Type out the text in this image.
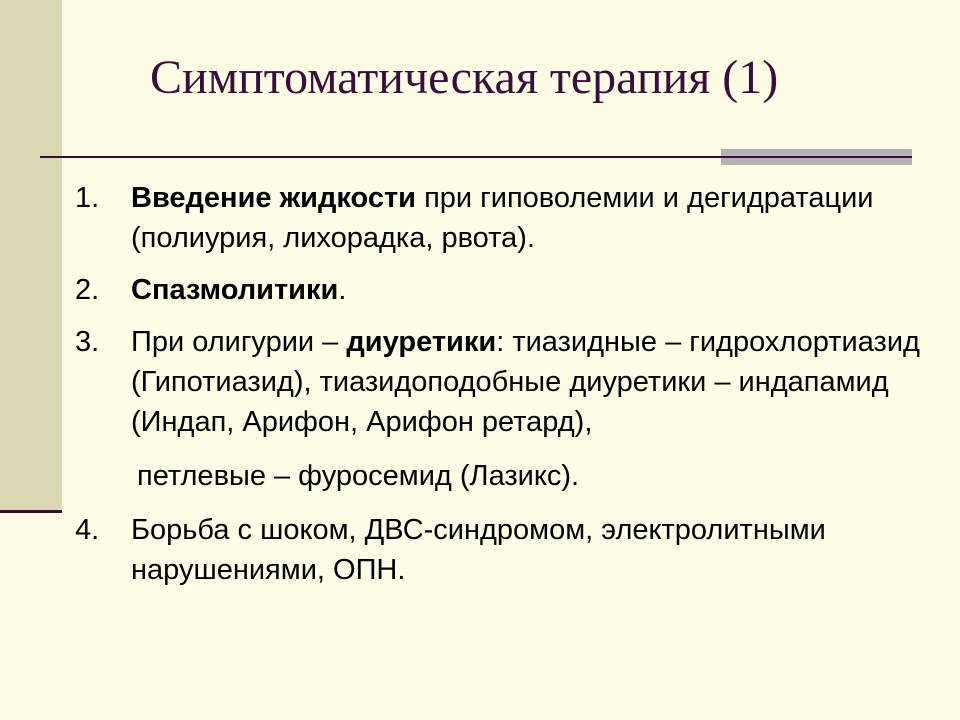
Симптоматическая терапия (1)
1. Введение жидкости при гиповолемии и дегидратации (полиурия, лихорадка, рвота).
2. Спазмолитики.
3. При олигурии – диуретики: тиазидные – гидрохлортиазид (Гипотиазид), тиазидоподобные диуретики – индапамид (Индап, Арифон, Арифон ретард),
петлевые – фуросемид (Лазикс).
4. Борьба с шоком, ДВС-синдромом, электролитными нарушениями, ОПН.
